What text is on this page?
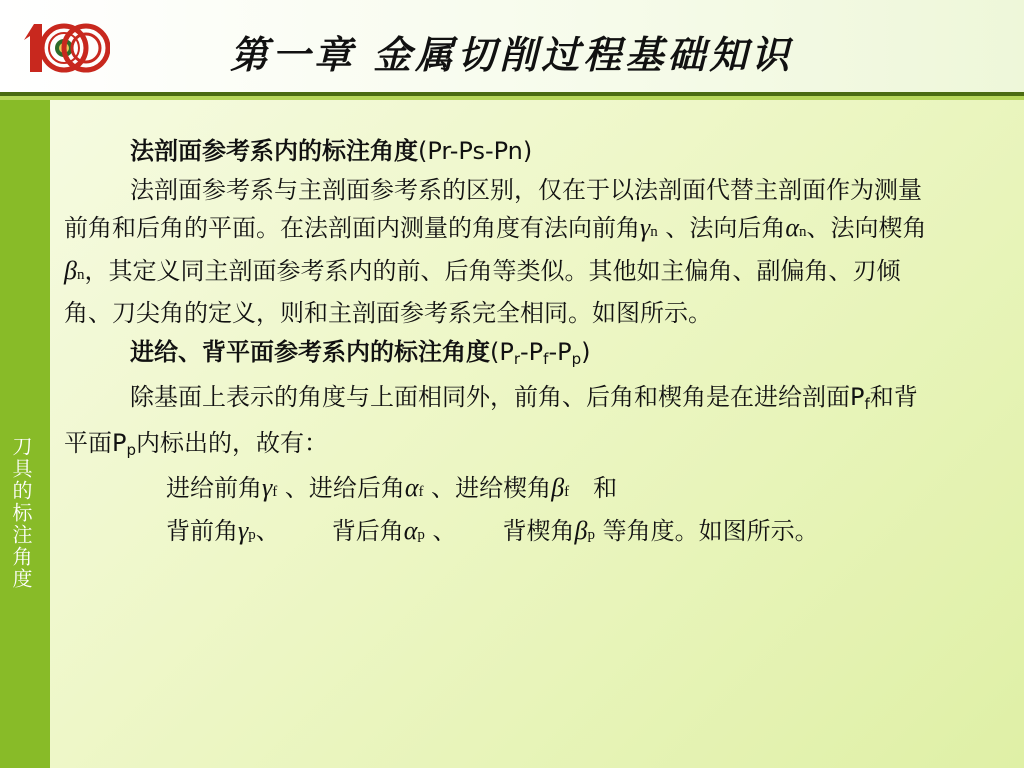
第一章 金属切削过程基础知识
刀具的标注角度

法剖面参考系内的标注角度(Pr-Ps-Pn)

法剖面参考系与主剖面参考系的区别，仅在于以法剖面代替主剖面作为测量前角和后角的平面。在法剖面内测量的角度有法向前角γn 、法向后角αn、法向楔角βn，其定义同主剖面参考系内的前、后角等类似。其他如主偏角、副偏角、刃倾角、刀尖角的定义，则和主剖面参考系完全相同。如图所示。

进给、背平面参考系内的标注角度$(P_r-P_f-P_p)$

除基面上表示的角度与上面相同外，前角、后角和楔角是在进给剖面$P_f$和背平面$P_p$内标出的，故有：

进给前角γf 、进给后角αf 、进给楔角βf 和

背前角γp、 背后角αp 、 背楔角βp 等角度。如图所示。
